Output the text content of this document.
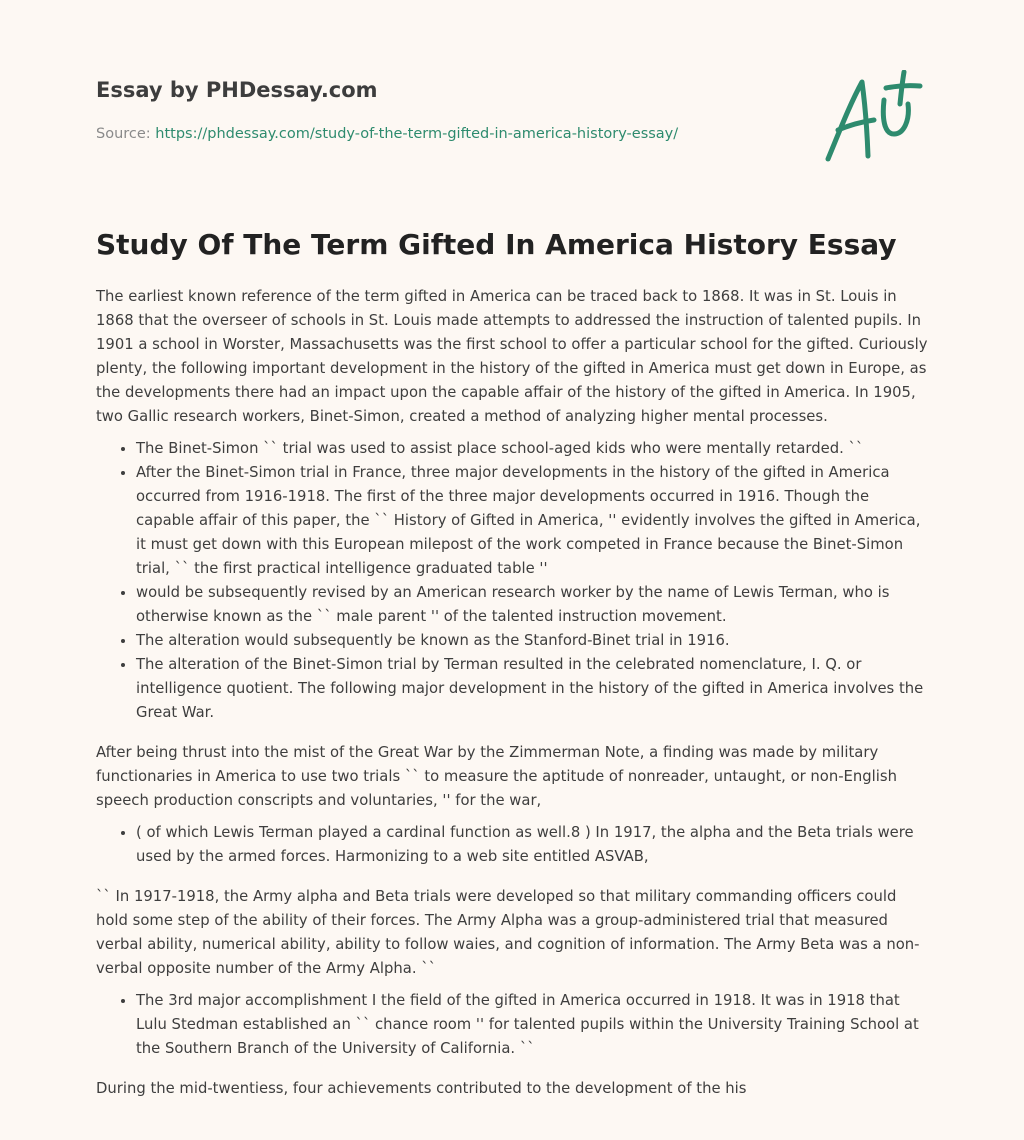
Essay by PHDessay.com
Source: https://phdessay.com/study-of-the-term-gifted-in-america-history-essay/
Study Of The Term Gifted In America History Essay

The earliest known reference of the term gifted in America can be traced back to 1868. It was in St. Louis in 1868 that the overseer of schools in St. Louis made attempts to addressed the instruction of talented pupils. In 1901 a school in Worster, Massachusetts was the first school to offer a particular school for the gifted. Curiously plenty, the following important development in the history of the gifted in America must get down in Europe, as the developments there had an impact upon the capable affair of the history of the gifted in America. In 1905, two Gallic research workers, Binet-Simon, created a method of analyzing higher mental processes.

• The Binet-Simon `` trial was used to assist place school-aged kids who were mentally retarded. ``
• After the Binet-Simon trial in France, three major developments in the history of the gifted in America occurred from 1916-1918. The first of the three major developments occurred in 1916. Though the capable affair of this paper, the `` History of Gifted in America, '' evidently involves the gifted in America, it must get down with this European milepost of the work competed in France because the Binet-Simon trial, `` the first practical intelligence graduated table ''
• would be subsequently revised by an American research worker by the name of Lewis Terman, who is otherwise known as the `` male parent '' of the talented instruction movement.
• The alteration would subsequently be known as the Stanford-Binet trial in 1916.
• The alteration of the Binet-Simon trial by Terman resulted in the celebrated nomenclature, I. Q. or intelligence quotient. The following major development in the history of the gifted in America involves the Great War.

After being thrust into the mist of the Great War by the Zimmerman Note, a finding was made by military functionaries in America to use two trials `` to measure the aptitude of nonreader, untaught, or non-English speech production conscripts and voluntaries, '' for the war,

• ( of which Lewis Terman played a cardinal function as well.8 ) In 1917, the alpha and the Beta trials were used by the armed forces. Harmonizing to a web site entitled ASVAB,

`` In 1917-1918, the Army alpha and Beta trials were developed so that military commanding officers could hold some step of the ability of their forces. The Army Alpha was a group-administered trial that measured verbal ability, numerical ability, ability to follow waies, and cognition of information. The Army Beta was a non-verbal opposite number of the Army Alpha. ``

• The 3rd major accomplishment I the field of the gifted in America occurred in 1918. It was in 1918 that Lulu Stedman established an `` chance room '' for talented pupils within the University Training School at the Southern Branch of the University of California. ``

During the mid-twentiess, four achievements contributed to the development of the his
